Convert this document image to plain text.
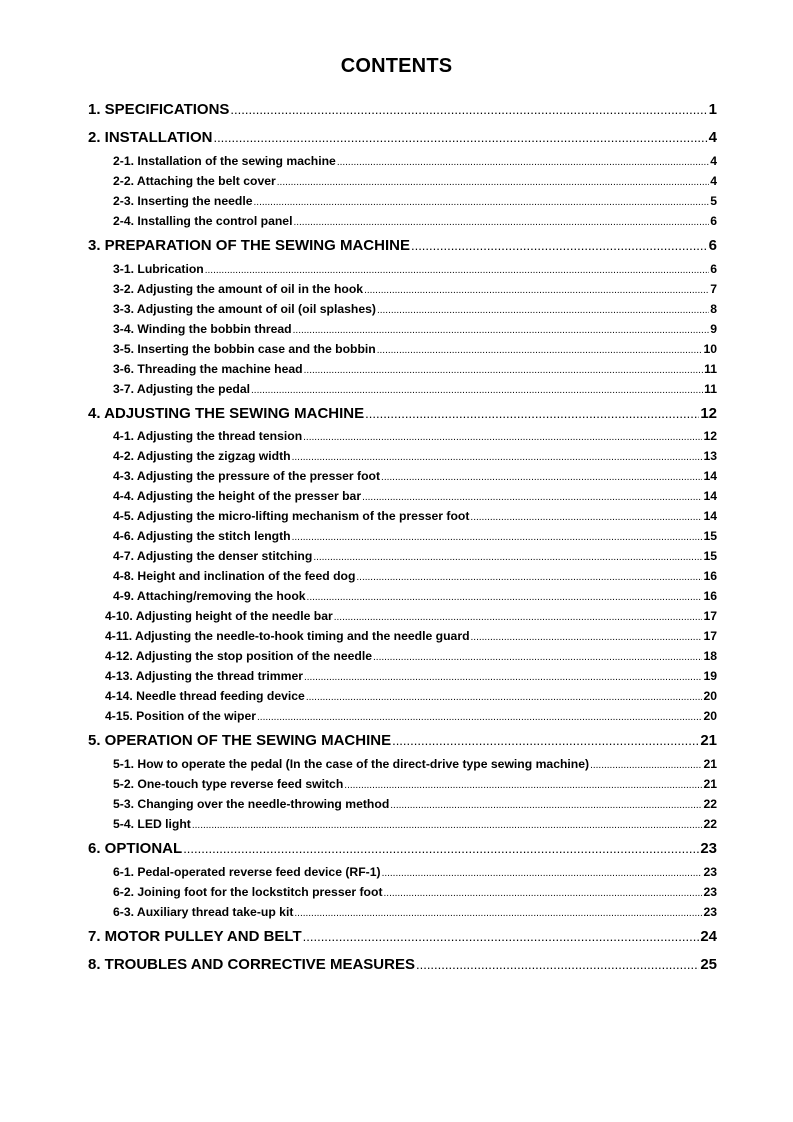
CONTENTS
1. SPECIFICATIONS .....	1
2. INSTALLATION .....	4
2-1. Installation of the sewing machine .....	4
2-2. Attaching the belt cover .....	4
2-3. Inserting the needle .....	5
2-4. Installing the control panel .....	6
3. PREPARATION OF THE SEWING MACHINE .....	6
3-1. Lubrication .....	6
3-2. Adjusting the amount of oil in the hook .....	7
3-3. Adjusting the amount of oil (oil splashes) .....	8
3-4. Winding the bobbin thread .....	9
3-5. Inserting the bobbin case and the bobbin .....	10
3-6. Threading the machine head .....	11
3-7. Adjusting the pedal .....	11
4. ADJUSTING THE SEWING MACHINE .....	12
4-1. Adjusting the thread tension .....	12
4-2. Adjusting the zigzag width .....	13
4-3. Adjusting the pressure of the presser foot .....	14
4-4. Adjusting the height of the presser bar .....	14
4-5. Adjusting the micro-lifting mechanism of the presser foot .....	14
4-6. Adjusting the stitch length .....	15
4-7. Adjusting the denser stitching .....	15
4-8. Height and inclination of the feed dog .....	16
4-9. Attaching/removing the hook .....	16
4-10. Adjusting height of the needle bar .....	17
4-11. Adjusting the needle-to-hook timing and the needle guard .....	17
4-12. Adjusting the stop position of the needle .....	18
4-13. Adjusting the thread trimmer .....	19
4-14. Needle thread feeding device .....	20
4-15. Position of the wiper .....	20
5. OPERATION OF THE SEWING MACHINE .....	21
5-1. How to operate the pedal (In the case of the direct-drive type sewing machine) .....	21
5-2. One-touch type reverse feed switch .....	21
5-3. Changing over the needle-throwing method .....	22
5-4. LED light .....	22
6. OPTIONAL .....	23
6-1. Pedal-operated reverse feed device (RF-1) .....	23
6-2. Joining foot for the lockstitch presser foot .....	23
6-3. Auxiliary thread take-up kit .....	23
7. MOTOR PULLEY AND BELT .....	24
8. TROUBLES AND CORRECTIVE MEASURES .....	25
